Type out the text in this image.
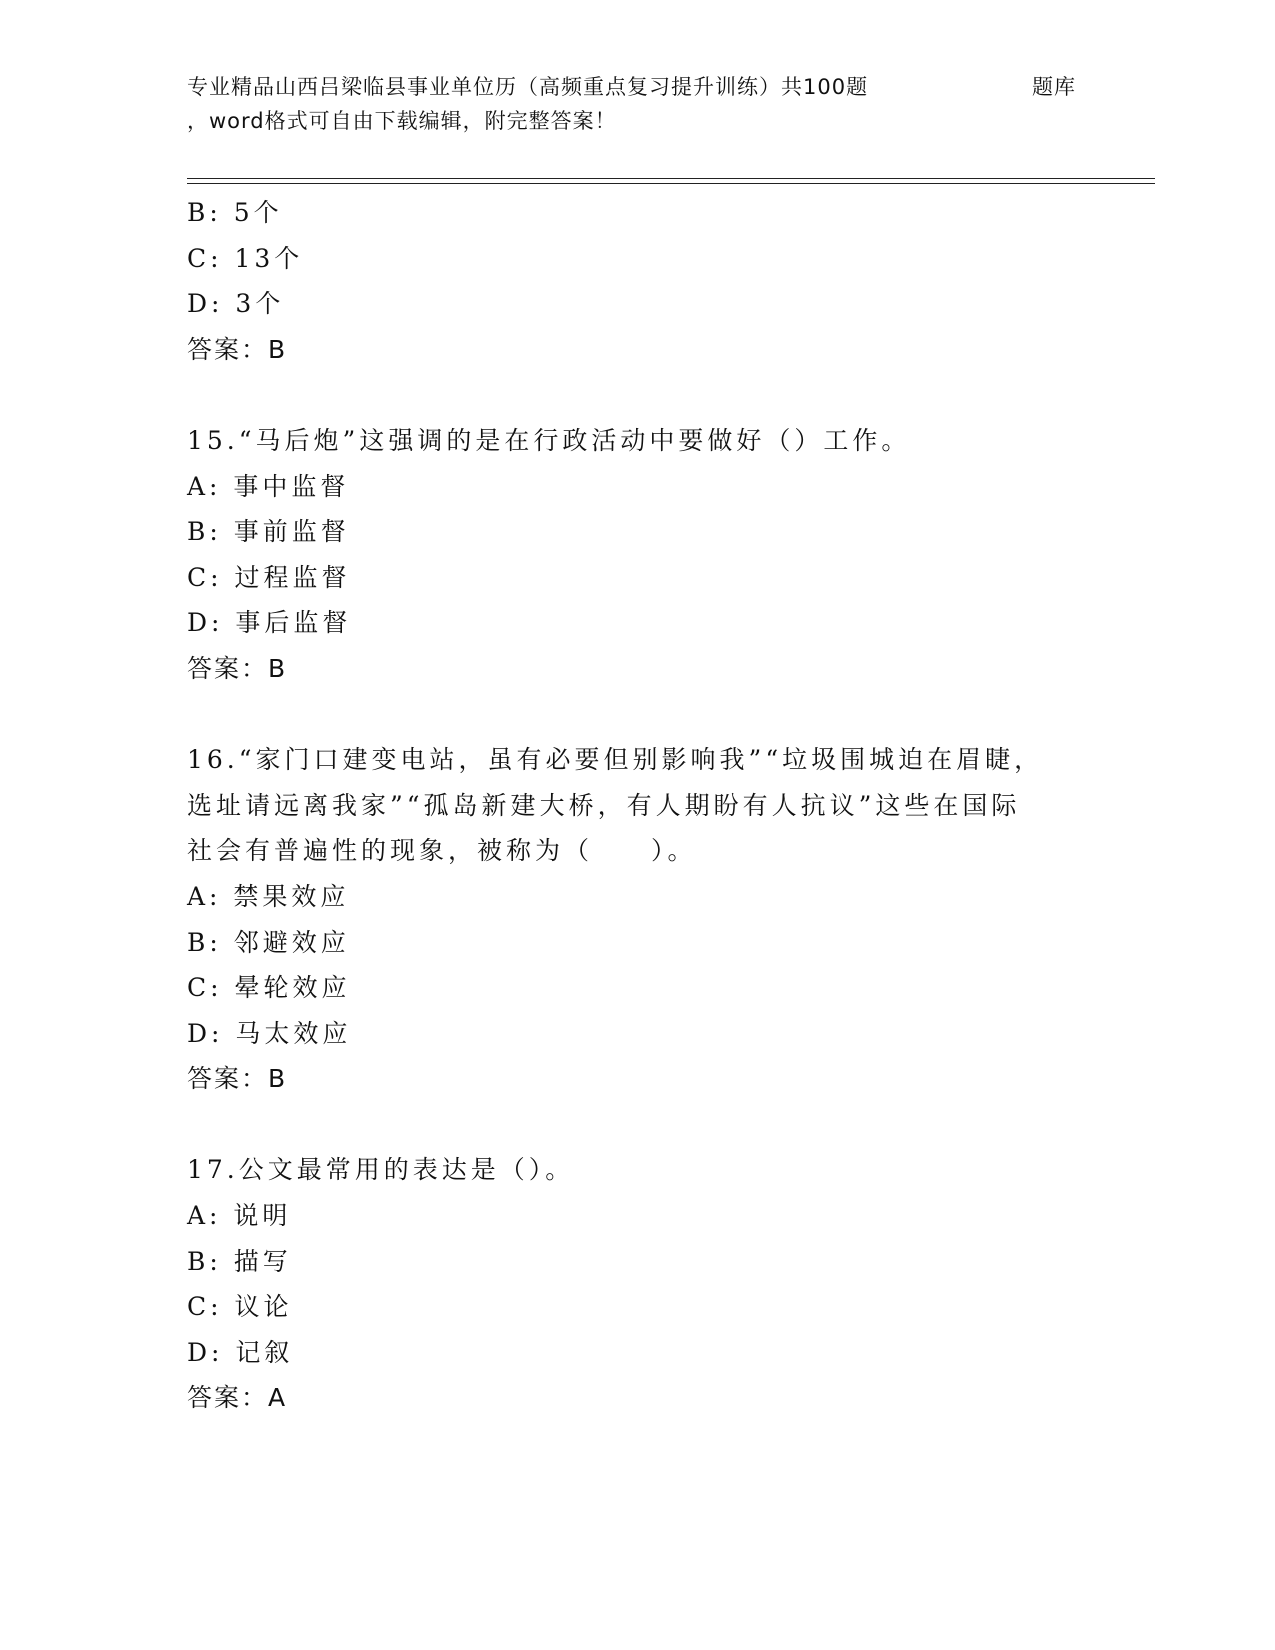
专业精品山西吕梁临县事业单位历（高频重点复习提升训练）共100题	题库
，word格式可自由下载编辑，附完整答案！
B: 5个
C: 13个
D: 3个
答案：B
15.“马后炮”这强调的是在行政活动中要做好（）工作。
A: 事中监督
B: 事前监督
C: 过程监督
D: 事后监督
答案：B
16.“家门口建变电站，虽有必要但别影响我”“垃圾围城迫在眉睫，
选址请远离我家”“孤岛新建大桥，有人期盼有人抗议”这些在国际
社会有普遍性的现象，被称为（　　）。
A: 禁果效应
B: 邻避效应
C: 晕轮效应
D: 马太效应
答案：B
17.公文最常用的表达是（）。
A: 说明
B: 描写
C: 议论
D: 记叙
答案：A
